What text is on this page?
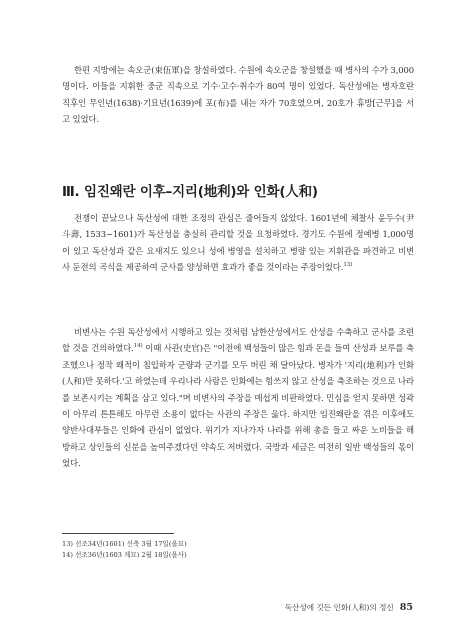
한편 지방에는 속오군(束伍軍)을 창설하였다. 수원에 속오군을 창설했을 때 병사의 수가 3,000명이다. 이들을 지휘한 중군 직속으로 기수·고수·취수가 80여 명이 있었다. 독산성에는 병자호란 직후인 무인년(1638)·기묘년(1639)에 포(布)를 내는 자가 70호였으며, 20호가 휴방[근무]을 서고 있었다.

Ⅲ. 임진왜란 이후–지리(地利)와 인화(人和)

전쟁이 끝났으나 독산성에 대한 조정의 관심은 줄어들지 않았다. 1601년에 체찰사 윤두수(尹斗壽, 1533~1601)가 독산성을 충실히 관리할 것을 요청하였다. 경기도 수원에 정예병 1,000명이 있고 독산성과 같은 요새지도 있으니 성에 병영을 설치하고 병량 있는 지휘관을 파견하고 비변사 둔전의 곡식을 제공하여 군사를 양성하면 효과가 좋을 것이라는 주장이었다.$^{13)}$

비변사는 수원 독산성에서 시행하고 있는 것처럼 남한산성에서도 산성을 수축하고 군사를 조련할 것을 건의하였다.$^{14)}$ 이때 사관(史官)은 "이전에 백성들이 많은 힘과 돈을 들여 산성과 보루를 축조했으나 정작 왜적이 침입하자 군량과 군기를 모두 버린 채 달아났다. 병자가 '지리(地利)가 인화(人和)만 못하다.'고 하였는데 우리나라 사람은 인화에는 힘쓰지 않고 산성을 축조하는 것으로 나라를 보존시키는 계획을 삼고 있다."며 비변사의 주장을 매섭게 비판하였다. 민심을 얻지 못하면 성곽이 아무리 튼튼해도 아무런 소용이 없다는 사관의 주장은 옳다. 하지만 임진왜란을 겪은 이후에도 양반사대부들은 인화에 관심이 없었다. 위기가 지나가자 나라를 위해 총을 들고 싸운 노비들을 해방하고 상인들의 신분을 높여주겠다던 약속도 저버렸다. 국방과 세금은 여전히 일반 백성들의 몫이었다.

13) 선조34년(1601) 신축 3월 17일(을묘)
14) 선조36년(1603 계묘) 2월 18일(을사)
독산성에 깃든 인화(人和)의 정신 85
